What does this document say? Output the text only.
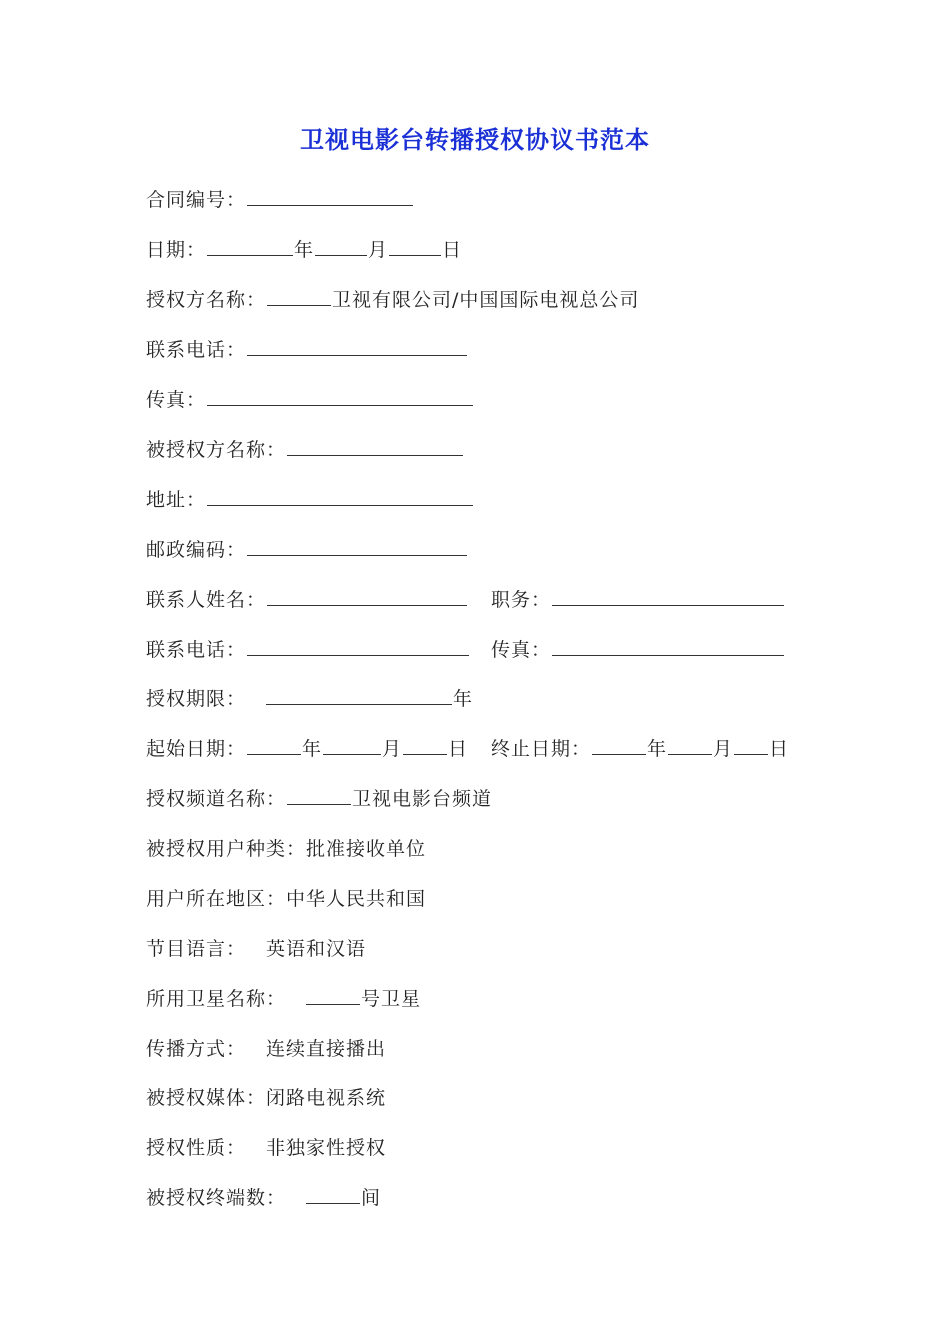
卫视电影台转播授权协议书范本
合同编号：
日期：	年	月	日
授权方名称：	卫视有限公司/中国国际电视总公司
联系电话：
传真：
被授权方名称：
地址：
邮政编码：
联系人姓名：	职务：
联系电话：	传真：
授权期限：	年
起始日期：	年	月 日 终止日期：	年 月 日
授权频道名称：	卫视电影台频道
被授权用户种类：批准接收单位
用户所在地区：中华人民共和国
节目语言： 英语和汉语
所用卫星名称：	号卫星
传播方式： 连续直接播出
被授权媒体：闭路电视系统
授权性质： 非独家性授权
被授权终端数：	间
